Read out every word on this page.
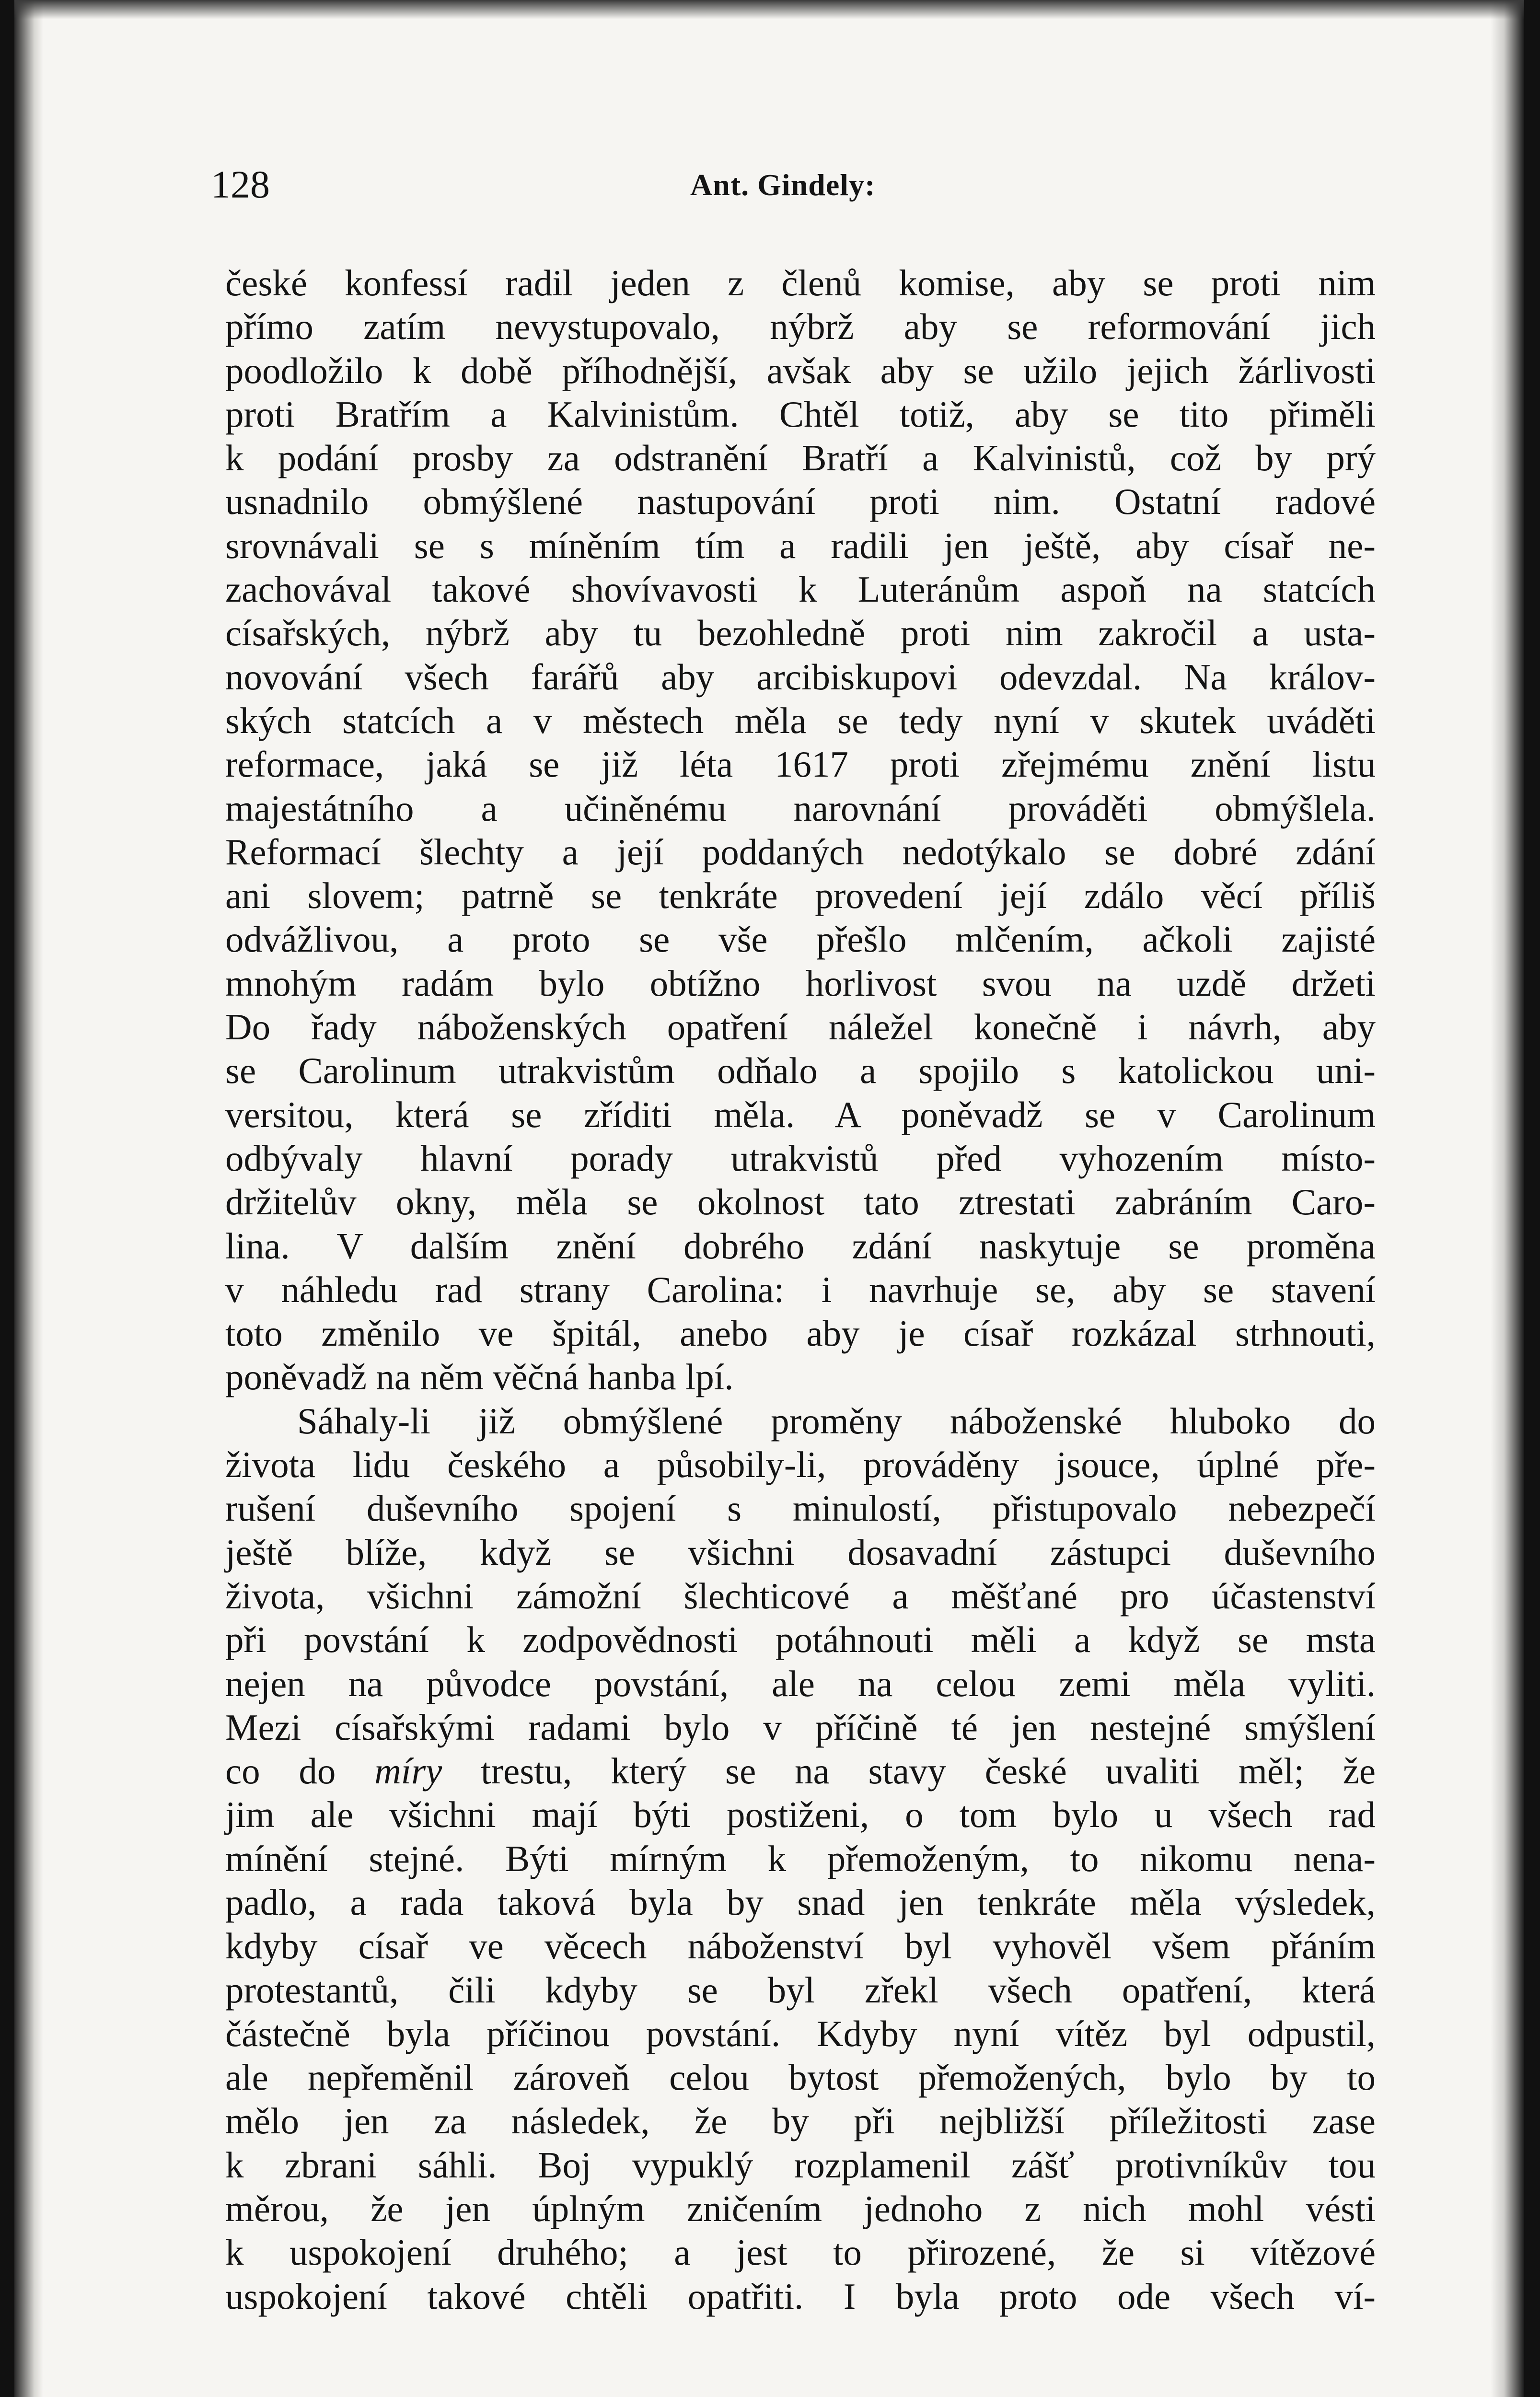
128	Ant. Gindely:
české konfessí radil jeden z členů komise, aby se proti nim
přímo zatím nevystupovalo, nýbrž aby se reformování jich
poodložilo k době příhodnější, avšak aby se užilo jejich žárlivosti
proti Bratřím a Kalvinistům. Chtěl totiž, aby se tito přiměli
k podání prosby za odstranění Bratří a Kalvinistů, což by prý
usnadnilo obmýšlené nastupování proti nim. Ostatní radové
srovnávali se s míněním tím a radili jen ještě, aby císař ne-
zachovával takové shovívavosti k Luteránům aspoň na statcích
císařských, nýbrž aby tu bezohledně proti nim zakročil a usta-
novování všech farářů aby arcibiskupovi odevzdal. Na králov-
ských statcích a v městech měla se tedy nyní v skutek uváděti
reformace, jaká se již léta 1617 proti zřejmému znění listu
majestátního a učiněnému narovnání prováděti obmýšlela.
Reformací šlechty a její poddaných nedotýkalo se dobré zdání
ani slovem; patrně se tenkráte provedení její zdálo věcí příliš
odvážlivou, a proto se vše přešlo mlčením, ačkoli zajisté
mnohým radám bylo obtížno horlivost svou na uzdě držeti
Do řady náboženských opatření náležel konečně i návrh, aby
se Carolinum utrakvistům odňalo a spojilo s katolickou uni-
versitou, která se zříditi měla. A poněvadž se v Carolinum
odbývaly hlavní porady utrakvistů před vyhozením místo-
držitelův okny, měla se okolnost tato ztrestati zabráním Caro-
lina. V dalším znění dobrého zdání naskytuje se proměna
v náhledu rad strany Carolina: i navrhuje se, aby se stavení
toto změnilo ve špitál, anebo aby je císař rozkázal strhnouti,
poněvadž na něm věčná hanba lpí.
Sáhaly-li již obmýšlené proměny náboženské hluboko do
života lidu českého a působily-li, prováděny jsouce, úplné pře-
rušení duševního spojení s minulostí, přistupovalo nebezpečí
ještě blíže, když se všichni dosavadní zástupci duševního
života, všichni zámožní šlechticové a měšťané pro účastenství
při povstání k zodpovědnosti potáhnouti měli a když se msta
nejen na původce povstání, ale na celou zemi měla vyliti.
Mezi císařskými radami bylo v příčině té jen nestejné smýšlení
co do míry trestu, který se na stavy české uvaliti měl; že
jim ale všichni mají býti postiženi, o tom bylo u všech rad
mínění stejné. Býti mírným k přemoženým, to nikomu nena-
padlo, a rada taková byla by snad jen tenkráte měla výsledek,
kdyby císař ve věcech náboženství byl vyhověl všem přáním
protestantů, čili kdyby se byl zřekl všech opatření, která
částečně byla příčinou povstání. Kdyby nyní vítěz byl odpustil,
ale nepřeměnil zároveň celou bytost přemožených, bylo by to
mělo jen za následek, že by při nejbližší příležitosti zase
k zbrani sáhli. Boj vypuklý rozplamenil zášť protivníkův tou
měrou, že jen úplným zničením jednoho z nich mohl vésti
k uspokojení druhého; a jest to přirozené, že si vítězové
uspokojení takové chtěli opatřiti. I byla proto ode všech ví-
